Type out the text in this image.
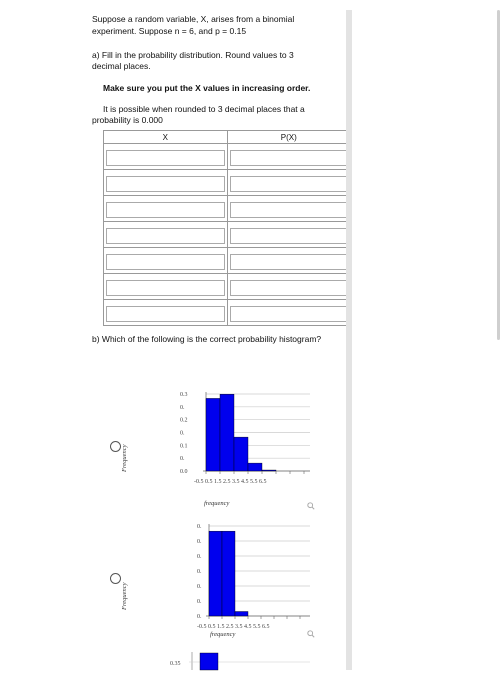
Suppose a random variable, X, arises from a binomial
experiment. Suppose n = 6, and p = 0.15
a) Fill in the probability distribution. Round values to 3
decimal places.
Make sure you put the X values in increasing order.
It is possible when rounded to 3 decimal places that a
probability is 0.000
X	P(X)

b) Which of the following is the correct probability histogram?
Frequency
0.3
0.
0.2
0.
0.1
0.
0.0
-0.5 0.5 1.5 2.5 3.5 4.5 5.5 6.5
frequency
Frequency
0.
0.
0.
0.
0.
0.
0.
-0.5 0.5 1.5 2.5 3.5 4.5 5.5 6.5
frequency
0.35
